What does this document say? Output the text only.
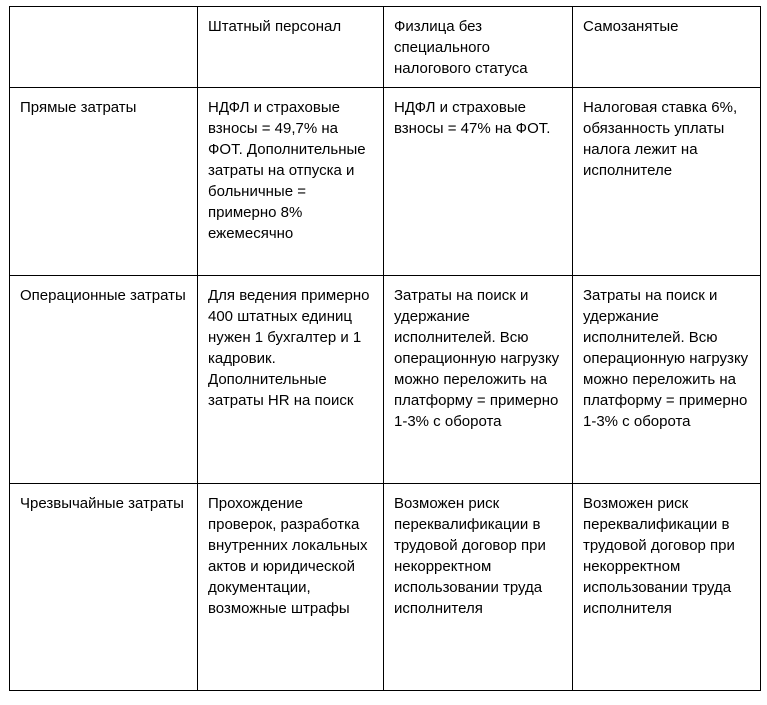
	Штатный персонал	Физлица без специального налогового статуса	Самозанятые
Прямые затраты	НДФЛ и страховые взносы = 49,7% на ФОТ. Дополнительные затраты на отпуска и больничные = примерно 8% ежемесячно	НДФЛ и страховые взносы = 47% на ФОТ.	Налоговая ставка 6%, обязанность уплаты налога лежит на исполнителе
Операционные затраты	Для ведения примерно 400 штатных единиц нужен 1 бухгалтер и 1 кадровик. Дополнительные затраты HR на поиск	Затраты на поиск и удержание исполнителей. Всю операционную нагрузку можно переложить на платформу = примерно 1-3% с оборота	Затраты на поиск и удержание исполнителей. Всю операционную нагрузку можно переложить на платформу = примерно 1-3% с оборота
Чрезвычайные затраты	Прохождение проверок, разработка внутренних локальных актов и юридической документации, возможные штрафы	Возможен риск переквалификации в трудовой договор при некорректном использовании труда исполнителя	Возможен риск переквалификации в трудовой договор при некорректном использовании труда исполнителя
